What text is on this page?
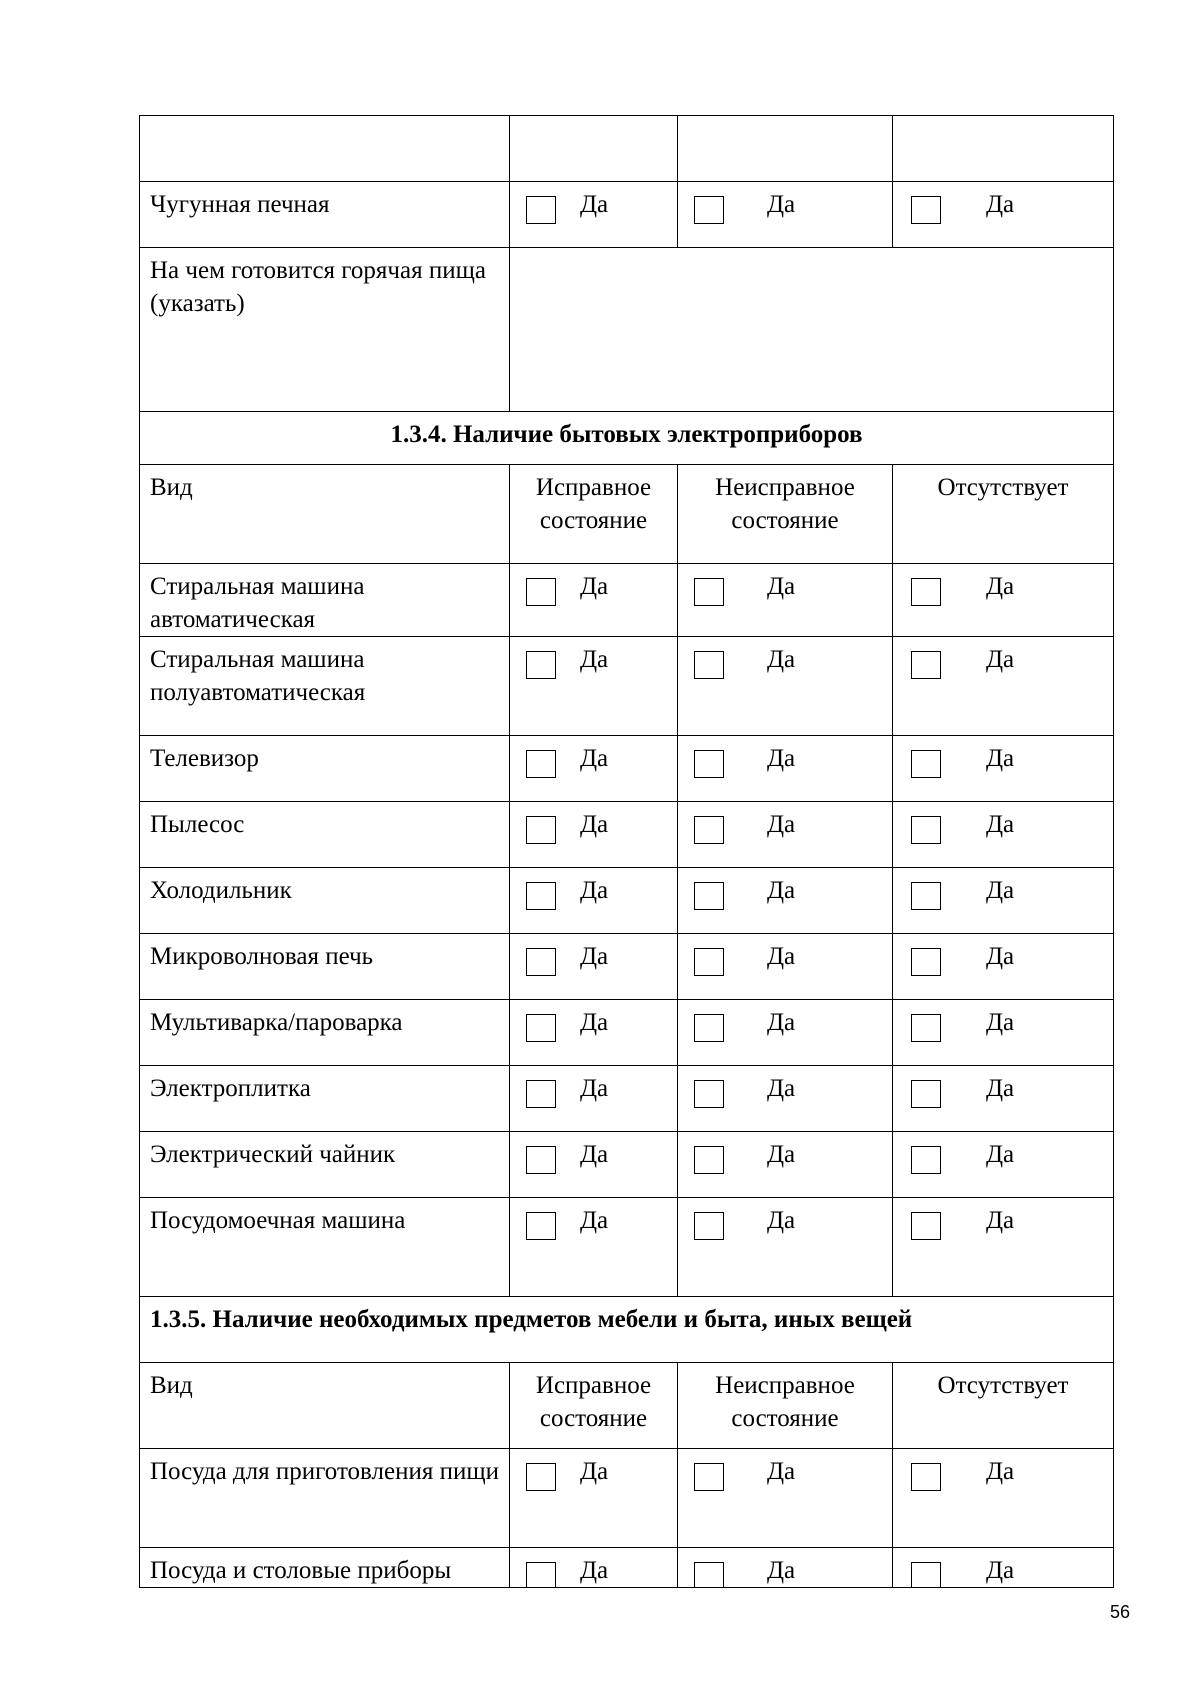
Чугунная печная	Да	Да	Да

На чем готовится горячая пища (указать)			
1.3.4. Наличие бытовых электроприборов			
Вид	Исправное состояние	Неисправное состояние	Отсутствует
Стиральная машина автоматическая	Да	Да	Да

Стиральная машина полуавтоматическая	Да	Да	Да

Телевизор	Да	Да	Да

Пылесос	Да	Да	Да

Холодильник	Да	Да	Да

Микроволновая печь	Да	Да	Да

Мультиварка/пароварка	Да	Да	Да

Электроплитка	Да	Да	Да

Электрический чайник	Да	Да	Да

Посудомоечная машина	Да	Да	Да

1.3.5. Наличие необходимых предметов мебели и быта, иных вещей			
Вид	Исправное состояние	Неисправное состояние	Отсутствует
Посуда для приготовления пищи	Да	Да	Да

Посуда и столовые приборы	Да	Да	Да
56
